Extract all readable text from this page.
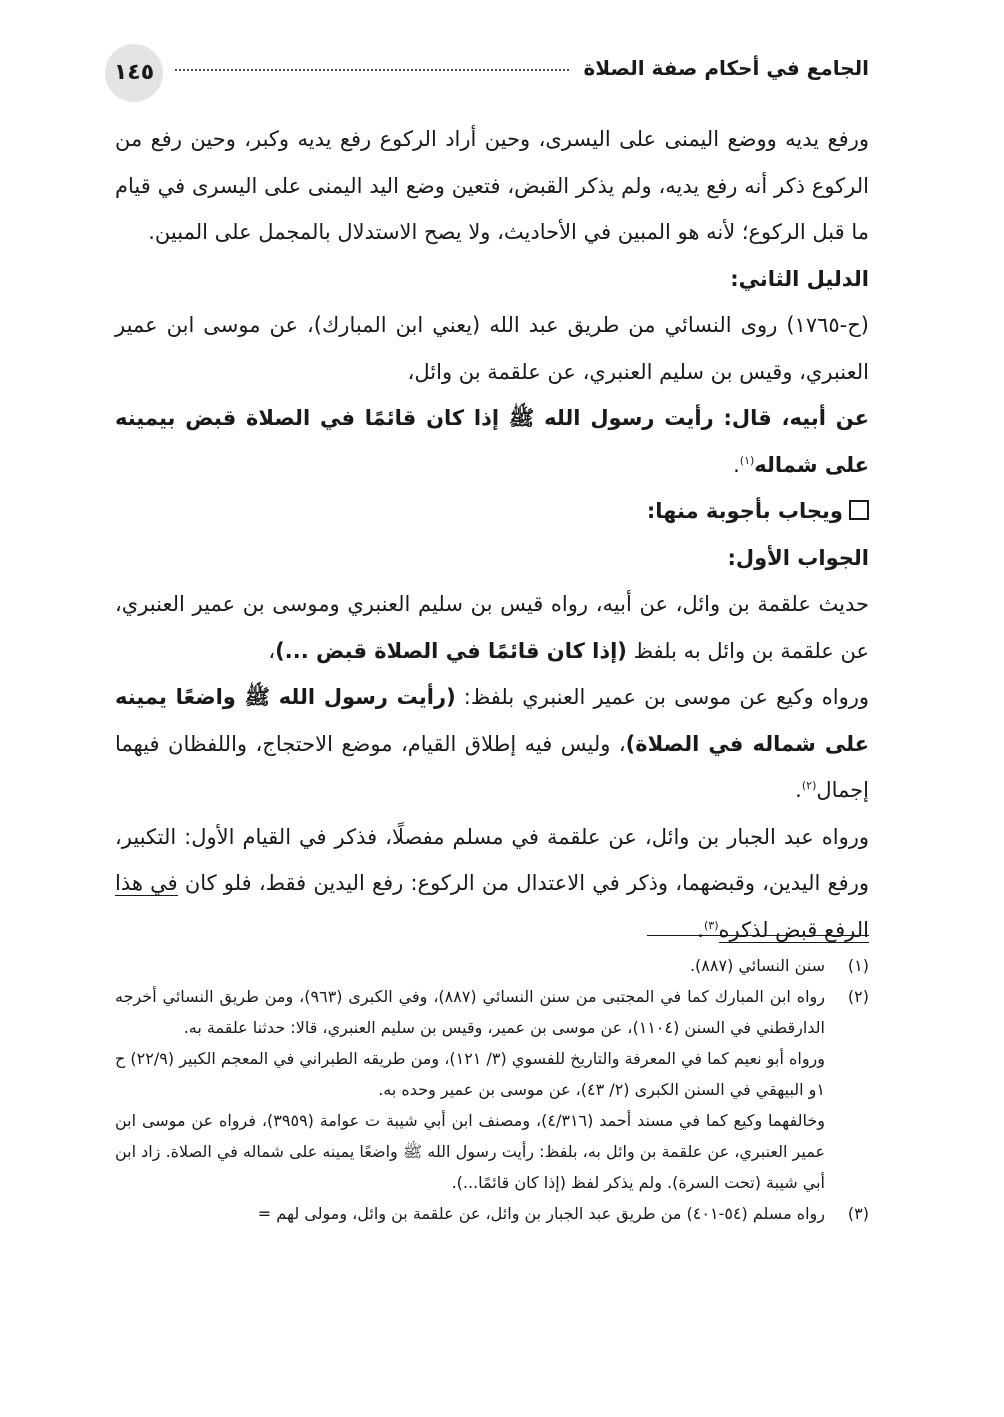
١٤٥	الجامع في أحكام صفة الصلاة

ورفع يديه ووضع اليمنى على اليسرى، وحين أراد الركوع رفع يديه وكبر، وحين رفع من الركوع ذكر أنه رفع يديه، ولم يذكر القبض، فتعين وضع اليد اليمنى على اليسرى في قيام ما قبل الركوع؛ لأنه هو المبين في الأحاديث، ولا يصح الاستدلال بالمجمل على المبين.

الدليل الثاني:

(ح-١٧٦٥) روى النسائي من طريق عبد الله (يعني ابن المبارك)، عن موسى ابن عمير العنبري، وقيس بن سليم العنبري، عن علقمة بن وائل،

عن أبيه، قال: رأيت رسول الله ﷺ إذا كان قائمًا في الصلاة قبض بيمينه على شماله$^{(١)}$.

ويجاب بأجوبة منها:

الجواب الأول:

حديث علقمة بن وائل، عن أبيه، رواه قيس بن سليم العنبري وموسى بن عمير العنبري، عن علقمة بن وائل به بلفظ (إذا كان قائمًا في الصلاة قبض ...)،

ورواه وكيع عن موسى بن عمير العنبري بلفظ: (رأيت رسول الله ﷺ واضعًا يمينه على شماله في الصلاة)، وليس فيه إطلاق القيام، موضع الاحتجاج، واللفظان فيهما إجمال$^{(٢)}$.

ورواه عبد الجبار بن وائل، عن علقمة في مسلم مفصلًا، فذكر في القيام الأول: التكبير، ورفع اليدين، وقبضهما، وذكر في الاعتدال من الركوع: رفع اليدين فقط، فلو كان في هذا الرفع قبض لذكره$^{(٣)}$.

(١)

سنن النسائي (٨٨٧).

(٢)

رواه ابن المبارك كما في المجتبى من سنن النسائي (٨٨٧)، وفي الكبرى (٩٦٣)، ومن طريق النسائي أخرجه الدارقطني في السنن (١١٠٤)، عن موسى بن عمير، وقيس بن سليم العنبري، قالا: حدثنا علقمة به.

ورواه أبو نعيم كما في المعرفة والتاريخ للفسوي (٣/ ١٢١)، ومن طريقه الطبراني في المعجم الكبير (٢٢/٩) ح ١و البيهقي في السنن الكبرى (٢/ ٤٣)، عن موسى بن عمير وحده به.

وخالفهما وكيع كما في مسند أحمد (٤/٣١٦)، ومصنف ابن أبي شيبة ت عوامة (٣٩٥٩)، فرواه عن موسى ابن عمير العنبري، عن علقمة بن وائل به، بلفظ: رأيت رسول الله ﷺ واضعًا يمينه على شماله في الصلاة. زاد ابن أبي شيبة (تحت السرة). ولم يذكر لفظ (إذا كان قائمًا...).

(٣)

رواه مسلم (٥٤-٤٠١) من طريق عبد الجبار بن وائل، عن علقمة بن وائل، ومولى لهم =
